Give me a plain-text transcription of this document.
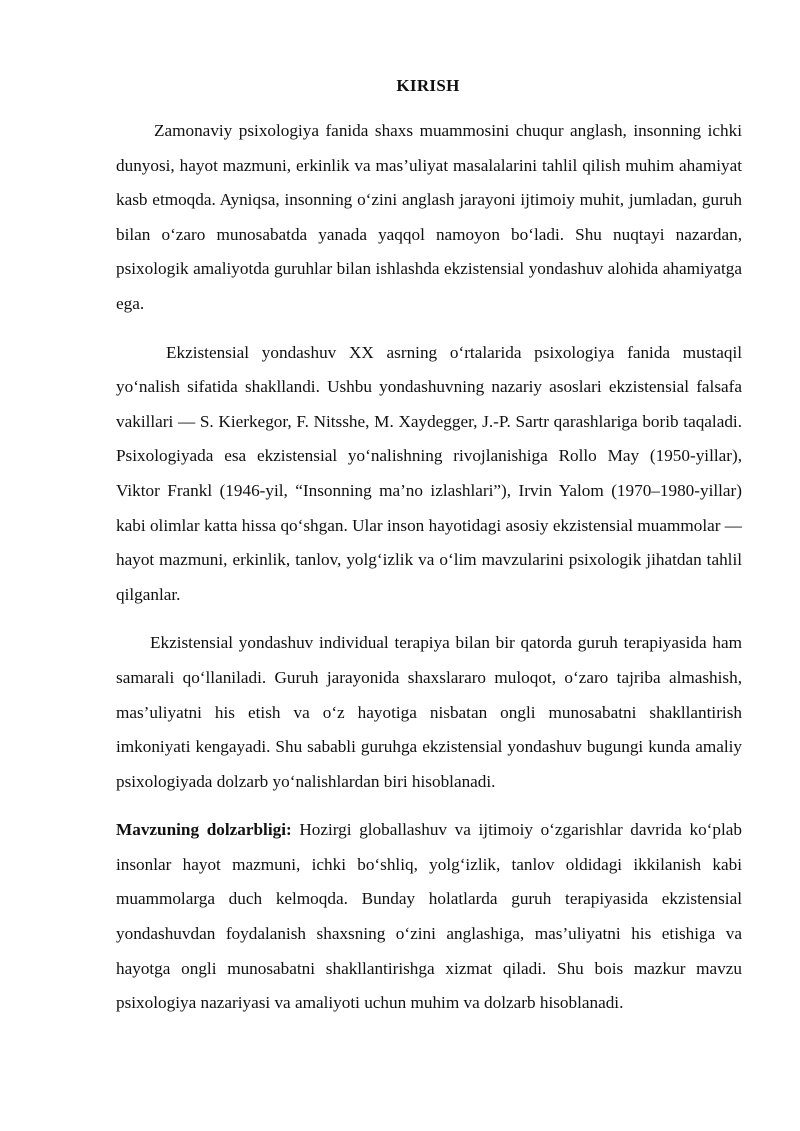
KIRISH

Zamonaviy psixologiya fanida shaxs muammosini chuqur anglash, insonning ichki dunyosi, hayot mazmuni, erkinlik va mas’uliyat masalalarini tahlil qilish muhim ahamiyat kasb etmoqda. Ayniqsa, insonning o‘zini anglash jarayoni ijtimoiy muhit, jumladan, guruh bilan o‘zaro munosabatda yanada yaqqol namoyon bo‘ladi. Shu nuqtayi nazardan, psixologik amaliyotda guruhlar bilan ishlashda ekzistensial yondashuv alohida ahamiyatga ega.

Ekzistensial yondashuv XX asrning o‘rtalarida psixologiya fanida mustaqil yo‘nalish sifatida shakllandi. Ushbu yondashuvning nazariy asoslari ekzistensial falsafa vakillari — S. Kierkegor, F. Nitsshe, M. Xaydegger, J.-P. Sartr qarashlariga borib taqaladi. Psixologiyada esa ekzistensial yo‘nalishning rivojlanishiga Rollo May (1950-yillar), Viktor Frankl (1946-yil, “Insonning ma’no izlashlari”), Irvin Yalom (1970–1980-yillar) kabi olimlar katta hissa qo‘shgan. Ular inson hayotidagi asosiy ekzistensial muammolar — hayot mazmuni, erkinlik, tanlov, yolg‘izlik va o‘lim mavzularini psixologik jihatdan tahlil qilganlar.

Ekzistensial yondashuv individual terapiya bilan bir qatorda guruh terapiyasida ham samarali qo‘llaniladi. Guruh jarayonida shaxslararo muloqot, o‘zaro tajriba almashish, mas’uliyatni his etish va o‘z hayotiga nisbatan ongli munosabatni shakllantirish imkoniyati kengayadi. Shu sababli guruhga ekzistensial yondashuv bugungi kunda amaliy psixologiyada dolzarb yo‘nalishlardan biri hisoblanadi.

Mavzuning dolzarbligi: Hozirgi globallashuv va ijtimoiy o‘zgarishlar davrida ko‘plab insonlar hayot mazmuni, ichki bo‘shliq, yolg‘izlik, tanlov oldidagi ikkilanish kabi muammolarga duch kelmoqda. Bunday holatlarda guruh terapiyasida ekzistensial yondashuvdan foydalanish shaxsning o‘zini anglashiga, mas’uliyatni his etishiga va hayotga ongli munosabatni shakllantirishga xizmat qiladi. Shu bois mazkur mavzu psixologiya nazariyasi va amaliyoti uchun muhim va dolzarb hisoblanadi.
